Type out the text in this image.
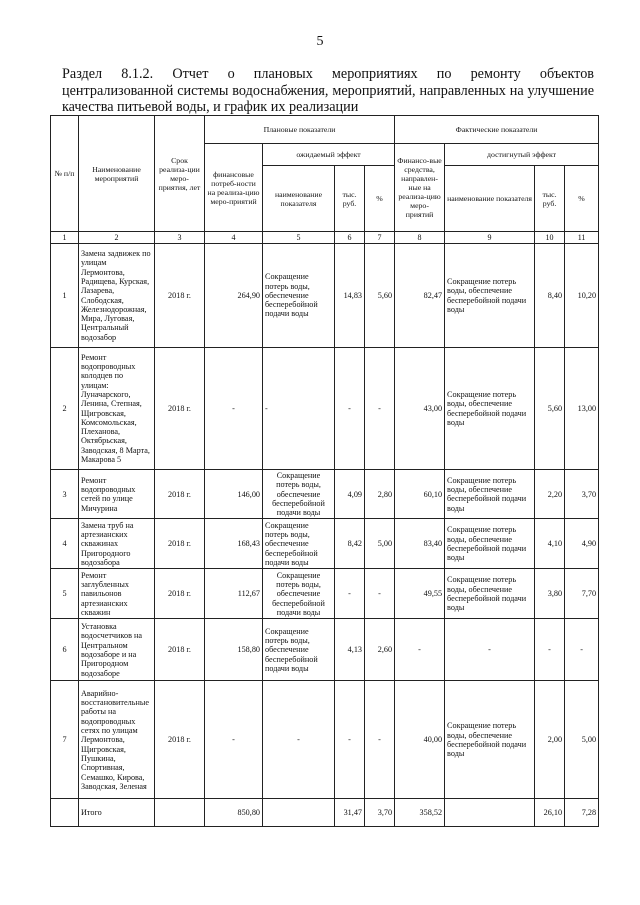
5
Раздел 8.1.2. Отчет о плановых мероприятиях по ремонту объектов
централизованной системы водоснабжения, мероприятий, направленных на улучшение
качества питьевой воды, и график их реализации
№ п/п	Наименование мероприятий	Срок реализа-ции меро-приятия, лет	Плановые показатели				Фактические показатели			
			финансовые потреб-ности на реализа-цию меро-приятий	ожидаемый эффект			Финансо-вые средства, направлен-ные на реализа-цию меро-приятий	достигнутый эффект		
				наименование показателя	тыс. руб.	%		наименование показателя	тыс. руб.	%
1	2	3	4	5	6	7	8	9	10	11
1	Замена задвижек по улицам Лермонтова, Радищева, Курская, Лазарева, Слободская, Железнодорожная, Мира, Луговая, Центральный водозабор	2018 г.	264,90	Сокращение потерь воды, обеспечение бесперебойной подачи воды	14,83	5,60	82,47	Сокращение потерь воды, обеспечение бесперебойной подачи воды	8,40	10,20
2	Ремонт водопроводных колодцев по улицам: Луначарского, Ленина, Степная, Щигровская, Комсомольская, Плеханова, Октябрьская, Заводская, 8 Марта, Макарова 5	2018 г.	-	-	-	-	43,00	Сокращение потерь воды, обеспечение бесперебойной подачи воды	5,60	13,00
3	Ремонт водопроводных сетей по улице Мичурина	2018 г.	146,00	Сокращение потерь воды, обеспечение бесперебойной подачи воды	4,09	2,80	60,10	Сокращение потерь воды, обеспечение бесперебойной подачи воды	2,20	3,70
4	Замена труб на артезианских скважинах Пригородного водозабора	2018 г.	168,43	Сокращение потерь воды, обеспечение бесперебойной подачи воды	8,42	5,00	83,40	Сокращение потерь воды, обеспечение бесперебойной подачи воды	4,10	4,90
5	Ремонт заглубленных павильонов артезианских скважин	2018 г.	112,67	Сокращение потерь воды, обеспечение бесперебойной подачи воды	-	-	49,55	Сокращение потерь воды, обеспечение бесперебойной подачи воды	3,80	7,70
6	Установка водосчетчиков на Центральном водозаборе и на Пригородном водозаборе	2018 г.	158,80	Сокращение потерь воды, обеспечение бесперебойной подачи воды	4,13	2,60	-	-	-	-
7	Аварийно-восстановительные работы на водопроводных сетях по улицам Лермонтова, Щигровская, Пушкина, Спортивная, Семашко, Кирова, Заводская, Зеленая	2018 г.	-	-	-	-	40,00	Сокращение потерь воды, обеспечение бесперебойной подачи воды	2,00	5,00
	Итого		850,80		31,47	3,70	358,52		26,10	7,28
